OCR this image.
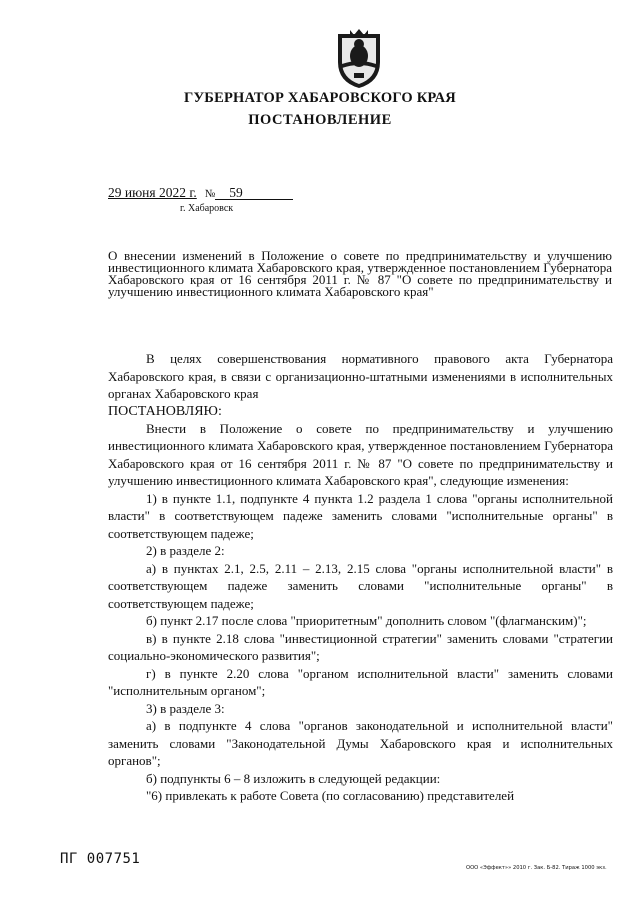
ГУБЕРНАТОР ХАБАРОВСКОГО КРАЯ
ПОСТАНОВЛЕНИЕ
29 июня 2022 г. № 59
г. Хабаровск
О внесении изменений в Положение о совете по предпринимательству и улучшению инвестиционного климата Хабаровского края, утвержденное постановлением Губернатора Хабаровского края от 16 сентября 2011 г. № 87 "О совете по предпринимательству и улучшению инвестиционного климата Хабаровского края"

В целях совершенствования нормативного правового акта Губернатора Хабаровского края, в связи с организационно-штатными изменениями в исполнительных органах Хабаровского края

ПОСТАНОВЛЯЮ:

Внести в Положение о совете по предпринимательству и улучшению инвестиционного климата Хабаровского края, утвержденное постановлением Губернатора Хабаровского края от 16 сентября 2011 г. № 87 "О совете по предпринимательству и улучшению инвестиционного климата Хабаровского края", следующие изменения:

1) в пункте 1.1, подпункте 4 пункта 1.2 раздела 1 слова "органы исполнительной власти" в соответствующем падеже заменить словами "исполнительные органы" в соответствующем падеже;

2) в разделе 2:

а) в пунктах 2.1, 2.5, 2.11 – 2.13, 2.15 слова "органы исполнительной власти" в соответствующем падеже заменить словами "исполнительные органы" в соответствующем падеже;

б) пункт 2.17 после слова "приоритетным" дополнить словом "(флагманским)";

в) в пункте 2.18 слова "инвестиционной стратегии" заменить словами "стратегии социально-экономического развития";

г) в пункте 2.20 слова "органом исполнительной власти" заменить словами "исполнительным органом";

3) в разделе 3:

а) в подпункте 4 слова "органов законодательной и исполнительной власти" заменить словами "Законодательной Думы Хабаровского края и исполнительных органов";

б) подпункты 6 – 8 изложить в следующей редакции:

"6) привлекать к работе Совета (по согласованию) представителей

ПГ 007751
ООО «Эффект»» 2010 г. Зак. Б-82. Тираж 1000 экз.
